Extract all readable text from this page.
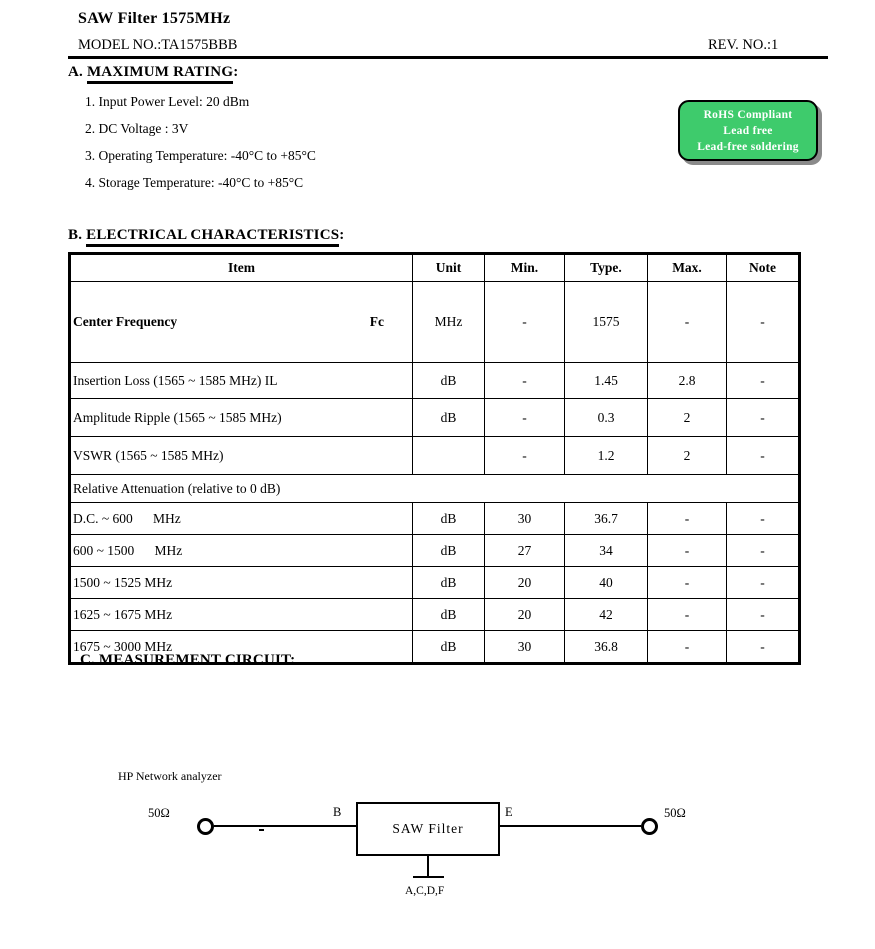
SAW Filter 1575MHz
MODEL NO.:TA1575BBB	REV. NO.:1
A. MAXIMUM RATING:
1. Input Power Level: 20 dBm
2. DC Voltage : 3V
3. Operating Temperature: -40°C to +85°C
4. Storage Temperature: -40°C to +85°C
RoHS Compliant
Lead free
Lead-free soldering
B. ELECTRICAL CHARACTERISTICS:
Item	Unit	Min.	Type.	Max.	Note

Center Frequency Fc	MHz	-	1575	-	-
Insertion Loss (1565 ~ 1585 MHz) IL	dB	-	1.45	2.8	-
Amplitude Ripple (1565 ~ 1585 MHz)	dB	-	0.3	2	-
VSWR (1565 ~ 1585 MHz)		-	1.2	2	-
Relative Attenuation (relative to 0 dB)					
D.C. ~ 600      MHz	dB	30	36.7	-	-
600 ~ 1500      MHz	dB	27	34	-	-
1500 ~ 1525 MHz	dB	20	40	-	-
1625 ~ 1675 MHz	dB	20	42	-	-
1675 ~ 3000 MHz	dB	30	36.8	-	-
C. MEASUREMENT CIRCUIT:
HP Network analyzer
50Ω	B
SAW Filter
E	50Ω
A,C,D,F
